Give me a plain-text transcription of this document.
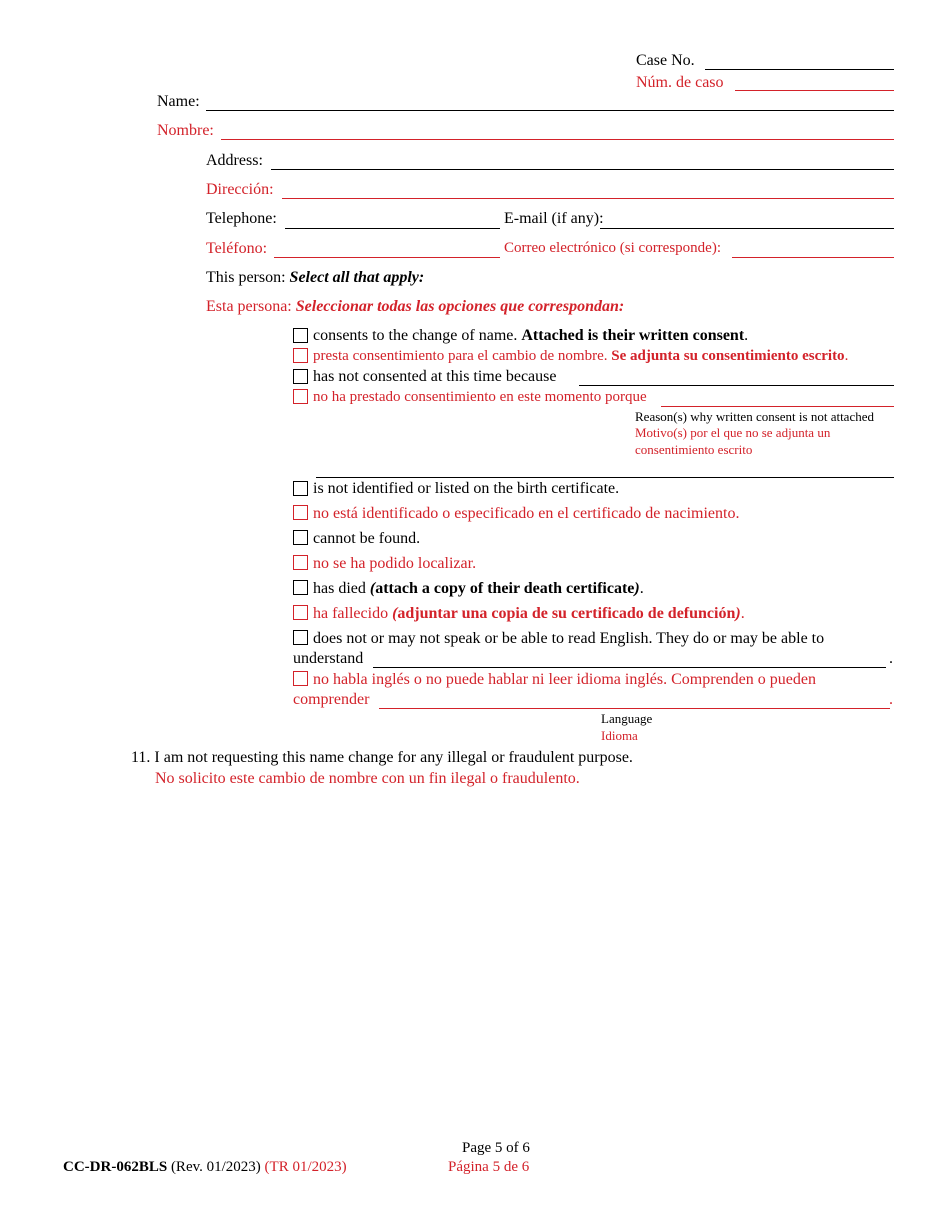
Case No.
Núm. de caso
Name:
Nombre:
Address:
Dirección:
Telephone:	E-mail (if any):
Teléfono:	Correo electrónico (si corresponde):
This person: Select all that apply:
Esta persona: Seleccionar todas las opciones que correspondan:
consents to the change of name. Attached is their written consent.
presta consentimiento para el cambio de nombre. Se adjunta su consentimiento escrito.
has not consented at this time because
no ha prestado consentimiento en este momento porque
Reason(s) why written consent is not attached
Motivo(s) por el que no se adjunta un
consentimiento escrito
is not identified or listed on the birth certificate.
no está identificado o especificado en el certificado de nacimiento.
cannot be found.
no se ha podido localizar.
has died (attach a copy of their death certificate).
ha fallecido (adjuntar una copia de su certificado de defunción).
does not or may not speak or be able to read English. They do or may be able to
understand	.
no habla inglés o no puede hablar ni leer idioma inglés. Comprenden o pueden
comprender	.
Language
Idioma
11. I am not requesting this name change for any illegal or fraudulent purpose.
No solicito este cambio de nombre con un fin ilegal o fraudulento.
Page 5 of 6
Página 5 de 6
CC-DR-062BLS (Rev. 01/2023) (TR 01/2023)
